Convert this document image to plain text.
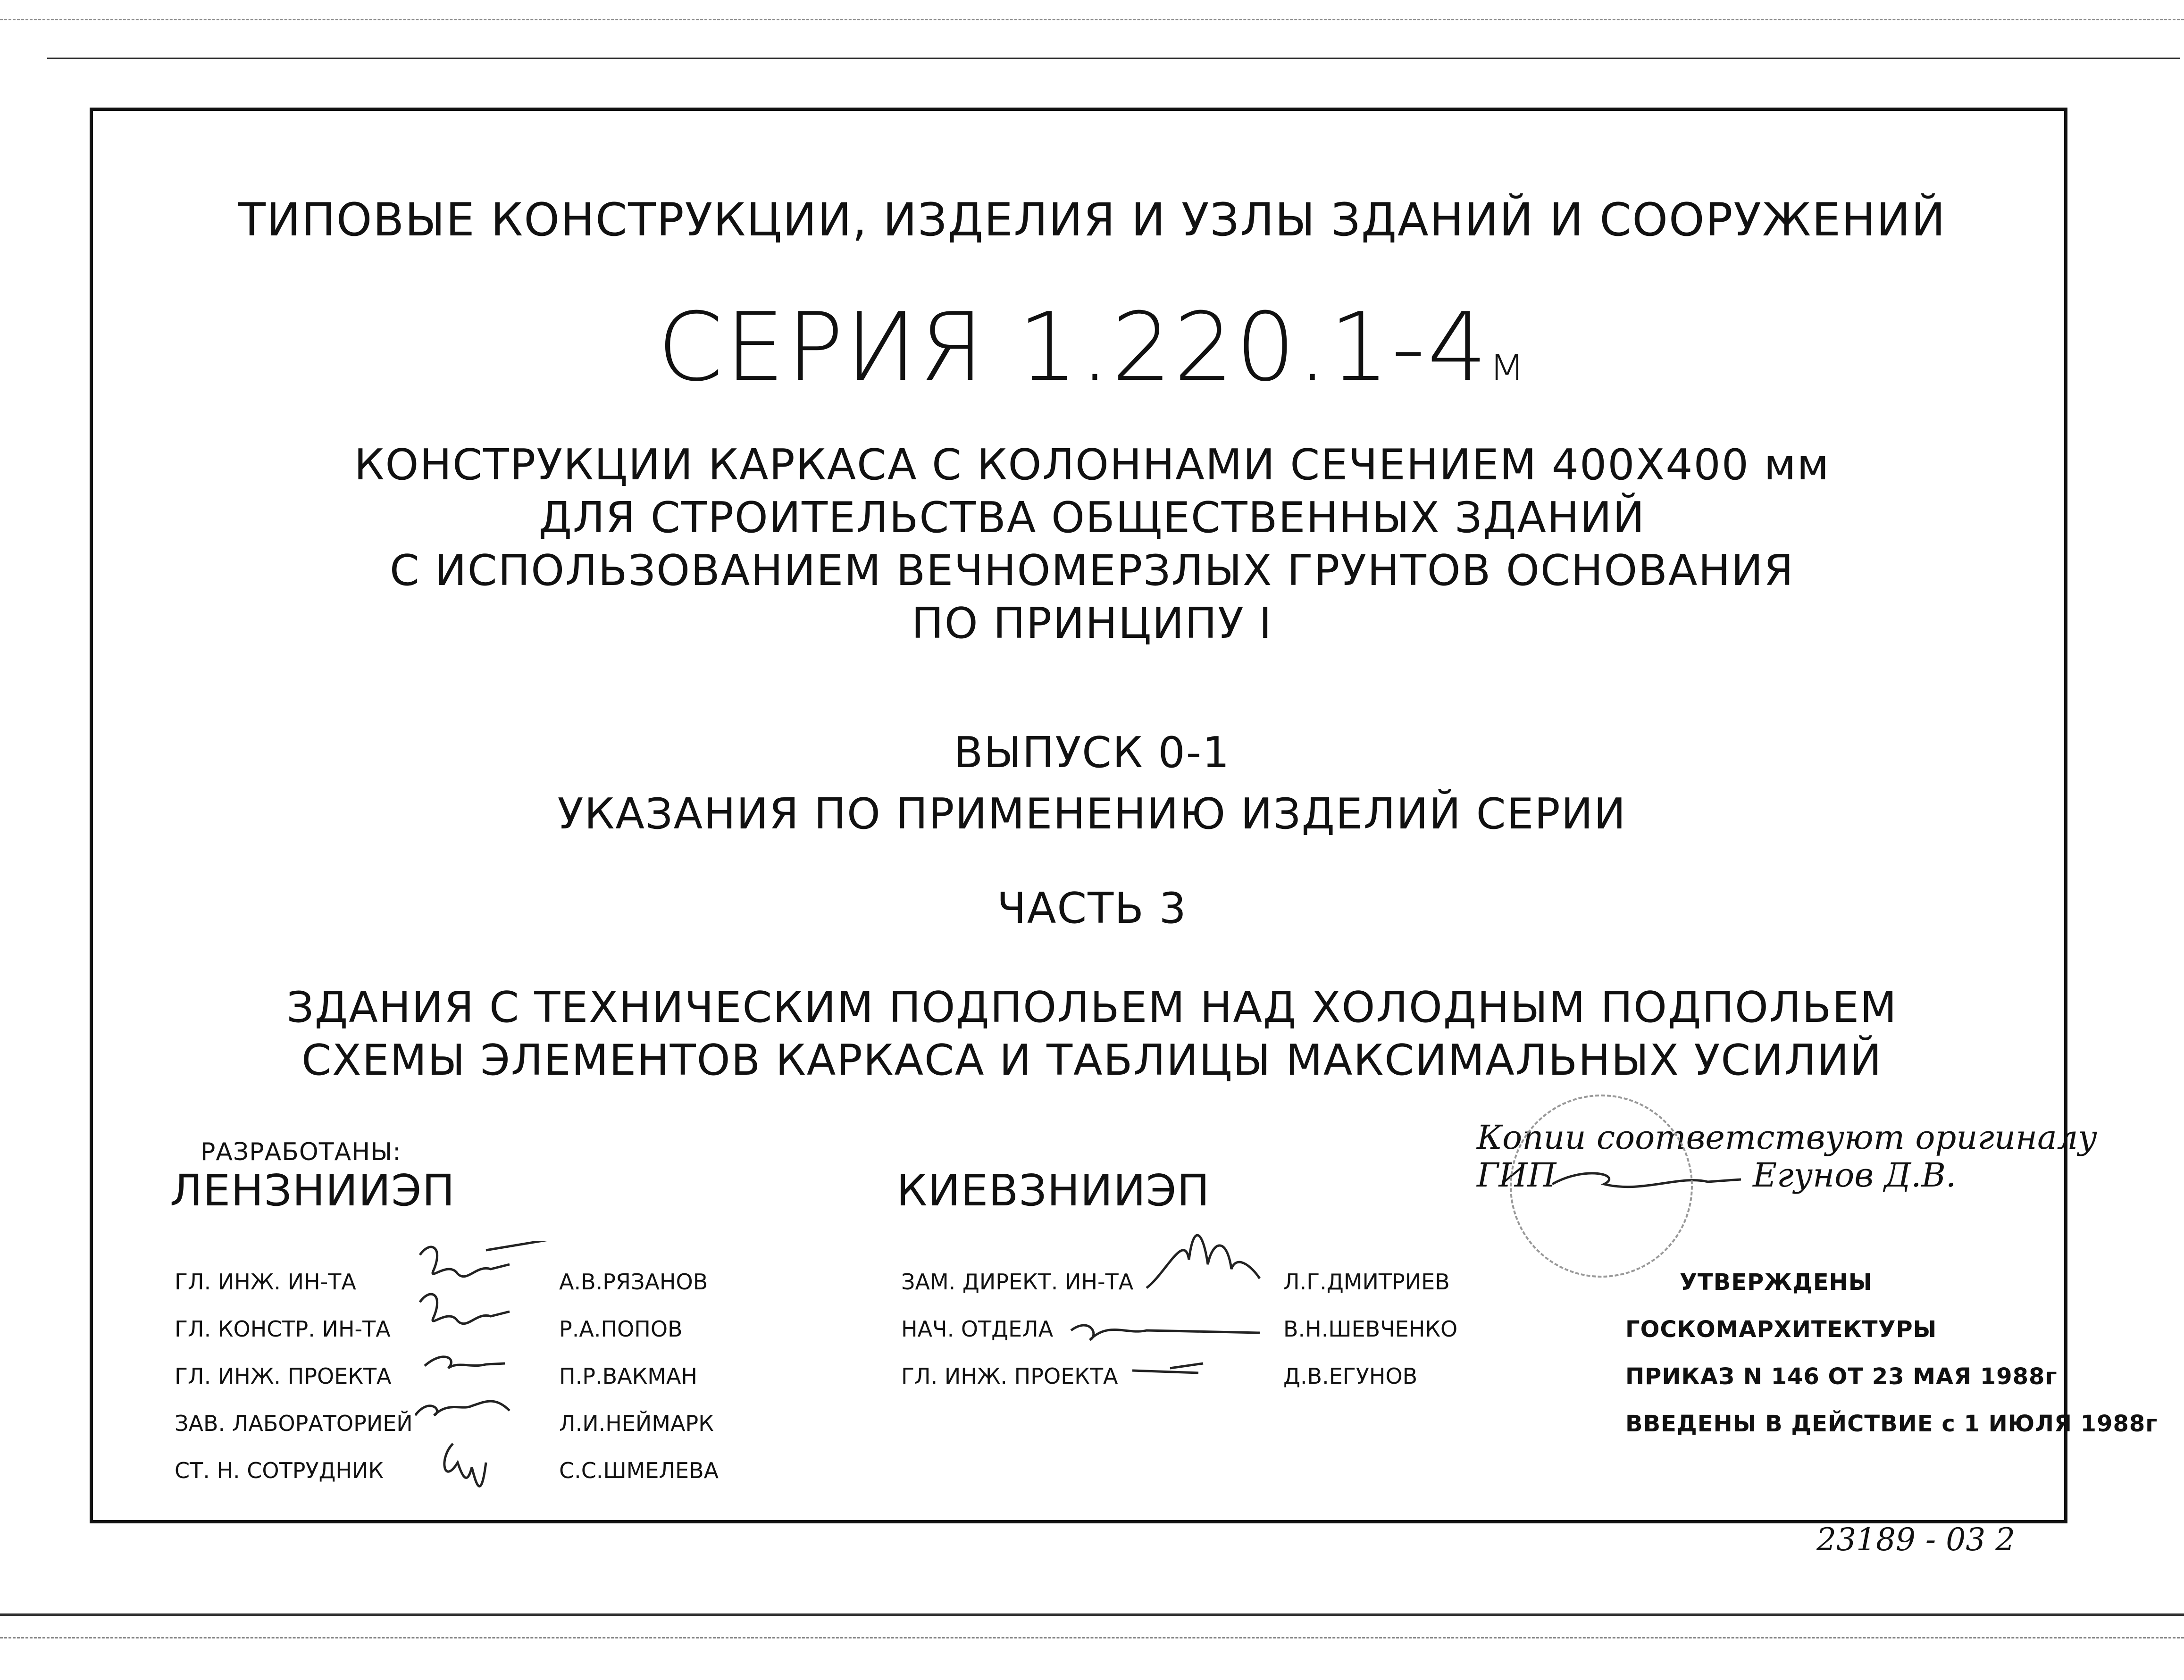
ТИПОВЫЕ КОНСТРУКЦИИ, ИЗДЕЛИЯ И УЗЛЫ ЗДАНИЙ И СООРУЖЕНИЙ
СЕРИЯ 1.220.1-4м
КОНСТРУКЦИИ КАРКАСА С КОЛОННАМИ СЕЧЕНИЕМ 400Х400 мм
ДЛЯ СТРОИТЕЛЬСТВА ОБЩЕСТВЕННЫХ ЗДАНИЙ
С ИСПОЛЬЗОВАНИЕМ ВЕЧНОМЕРЗЛЫХ ГРУНТОВ ОСНОВАНИЯ
ПО ПРИНЦИПУ I
ВЫПУСК 0-1
УКАЗАНИЯ ПО ПРИМЕНЕНИЮ ИЗДЕЛИЙ СЕРИИ
ЧАСТЬ 3
ЗДАНИЯ С ТЕХНИЧЕСКИМ ПОДПОЛЬЕМ НАД ХОЛОДНЫМ ПОДПОЛЬЕМ
СХЕМЫ ЭЛЕМЕНТОВ КАРКАСА И ТАБЛИЦЫ МАКСИМАЛЬНЫХ УСИЛИЙ
РАЗРАБОТАНЫ:
ЛЕНЗНИИЭП	КИЕВЗНИИЭП
ГЛ. ИНЖ. ИН-ТА	А.В.РЯЗАНОВ
ГЛ. КОНСТР. ИН-ТА	Р.А.ПОПОВ
ГЛ. ИНЖ. ПРОЕКТА	П.Р.ВАКМАН
ЗАВ. ЛАБОРАТОРИЕЙ	Л.И.НЕЙМАРК
СТ. Н. СОТРУДНИК	С.С.ШМЕЛЕВА
ЗАМ. ДИРЕКТ. ИН-ТА	Л.Г.ДМИТРИЕВ
НАЧ. ОТДЕЛА	В.Н.ШЕВЧЕНКО
ГЛ. ИНЖ. ПРОЕКТА	Д.В.ЕГУНОВ
Копии соответствуют оригиналу
ГИП	Егунов Д.В.
УТВЕРЖДЕНЫ
ГОСКОМАРХИТЕКТУРЫ
ПРИКАЗ N 146 ОТ 23 МАЯ 1988г
ВВЕДЕНЫ В ДЕЙСТВИЕ с 1 ИЮЛЯ 1988г
23189 - 03 2
